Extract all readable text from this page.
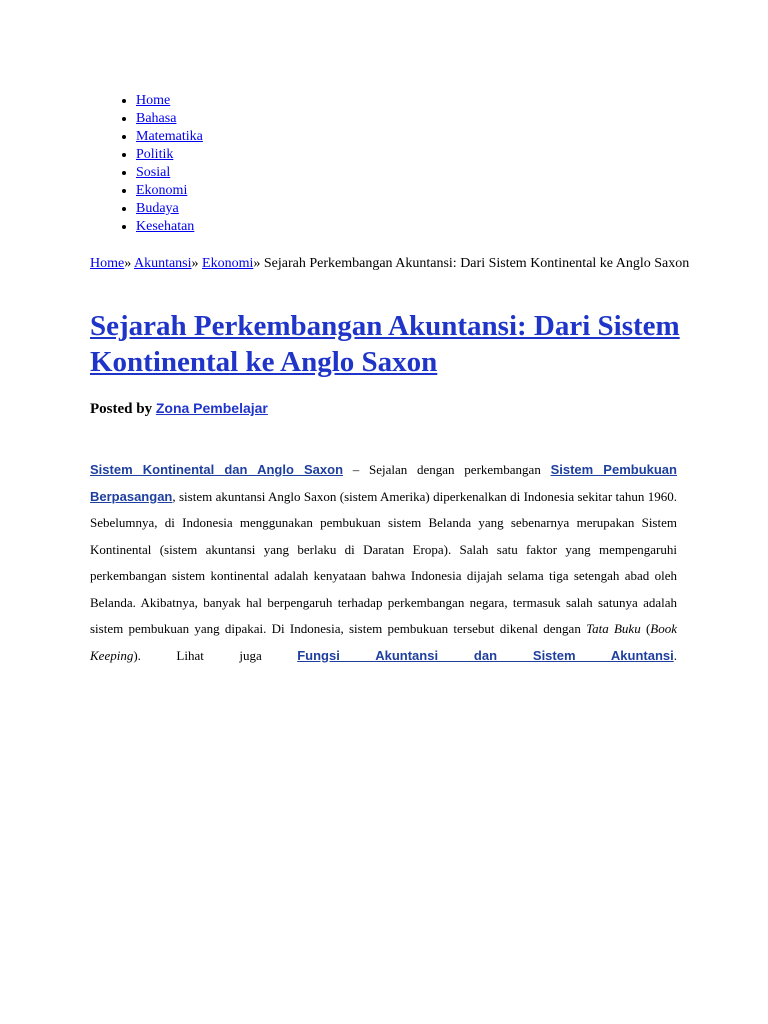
• Home
• Bahasa
• Matematika
• Politik
• Sosial
• Ekonomi
• Budaya
• Kesehatan
Home» Akuntansi» Ekonomi» Sejarah Perkembangan Akuntansi: Dari Sistem Kontinental ke Anglo Saxon
Sejarah Perkembangan Akuntansi: Dari Sistem Kontinental ke Anglo Saxon
Posted by Zona Pembelajar

Sistem Kontinental dan Anglo Saxon – Sejalan dengan perkembangan Sistem Pembukuan Berpasangan, sistem akuntansi Anglo Saxon (sistem Amerika) diperkenalkan di Indonesia sekitar tahun 1960. Sebelumnya, di Indonesia menggunakan pembukuan sistem Belanda yang sebenarnya merupakan Sistem Kontinental (sistem akuntansi yang berlaku di Daratan Eropa). Salah satu faktor yang mempengaruhi perkembangan sistem kontinental adalah kenyataan bahwa Indonesia dijajah selama tiga setengah abad oleh Belanda. Akibatnya, banyak hal berpengaruh terhadap perkembangan negara, termasuk salah satunya adalah sistem pembukuan yang dipakai. Di Indonesia, sistem pembukuan tersebut dikenal dengan Tata Buku (Book Keeping). Lihat juga Fungsi Akuntansi dan Sistem Akuntansi.
